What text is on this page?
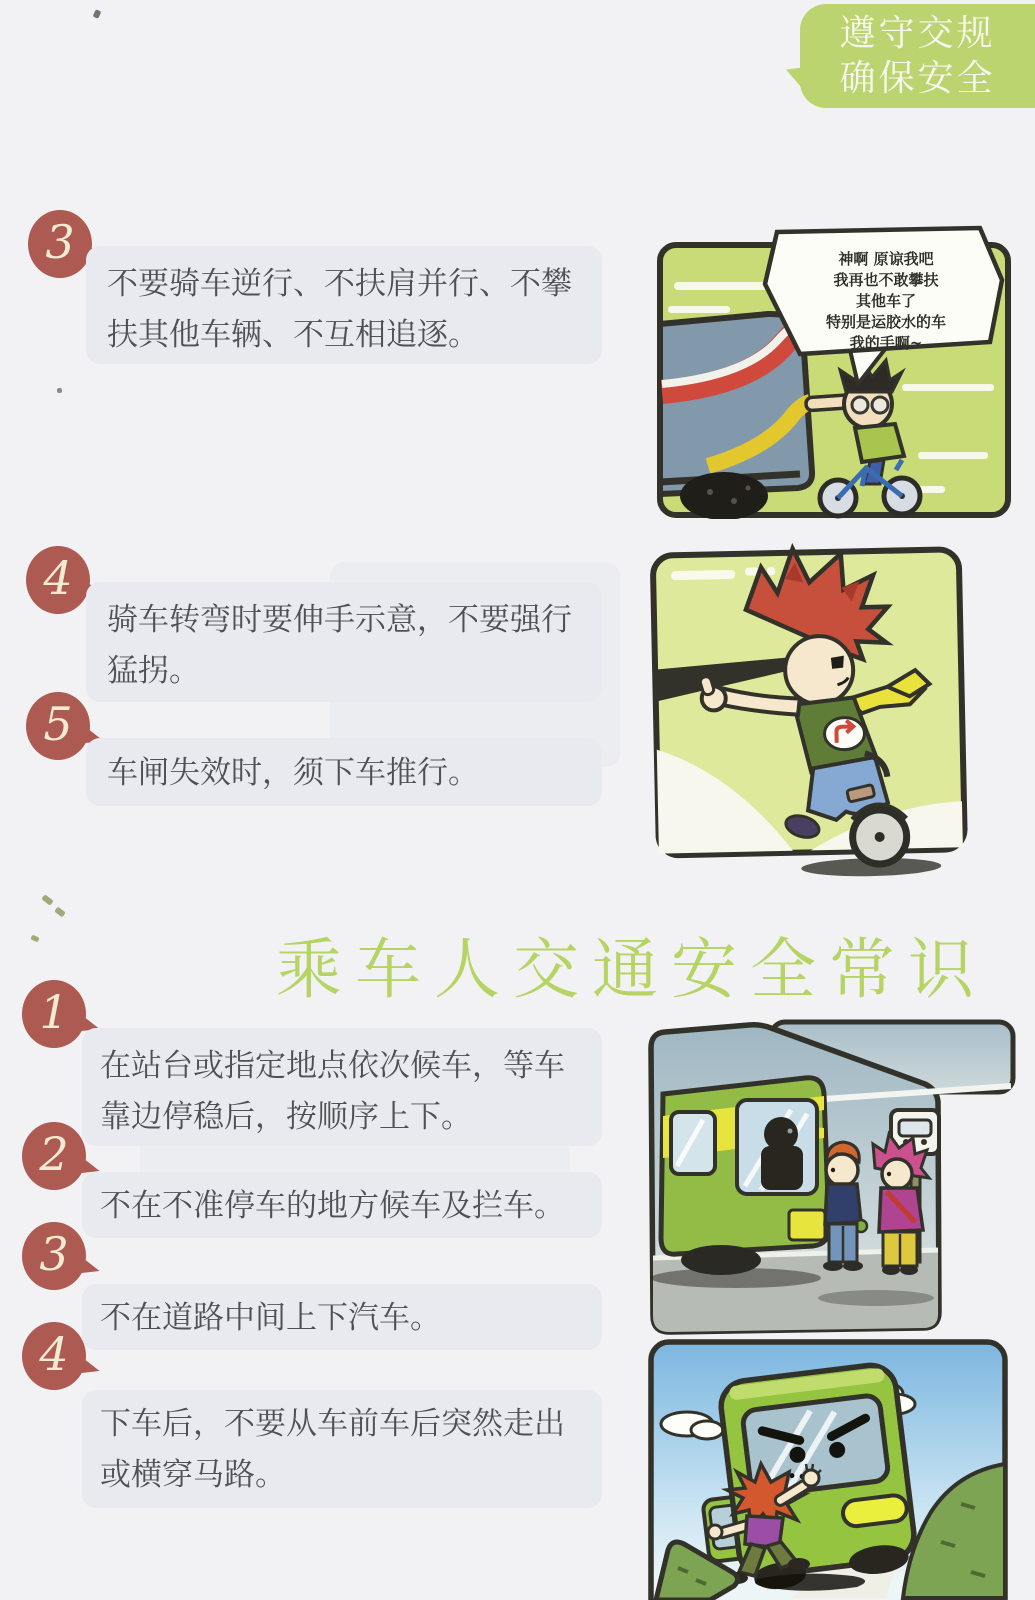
遵守交规
确保安全
3
不要骑车逆行、不扶肩并行、不攀扶其他车辆、不互相追逐。
4
骑车转弯时要伸手示意，不要强行猛拐。
5
车闸失效时，须下车推行。
乘车人交通安全常识
1
在站台或指定地点依次候车，等车靠边停稳后，按顺序上下。
2
不在不准停车的地方候车及拦车。
3
不在道路中间上下汽车。
4
下车后，不要从车前车后突然走出或横穿马路。
神啊 原谅我吧
我再也不敢攀扶
其他车了
特别是运胶水的车
我的手啊~
